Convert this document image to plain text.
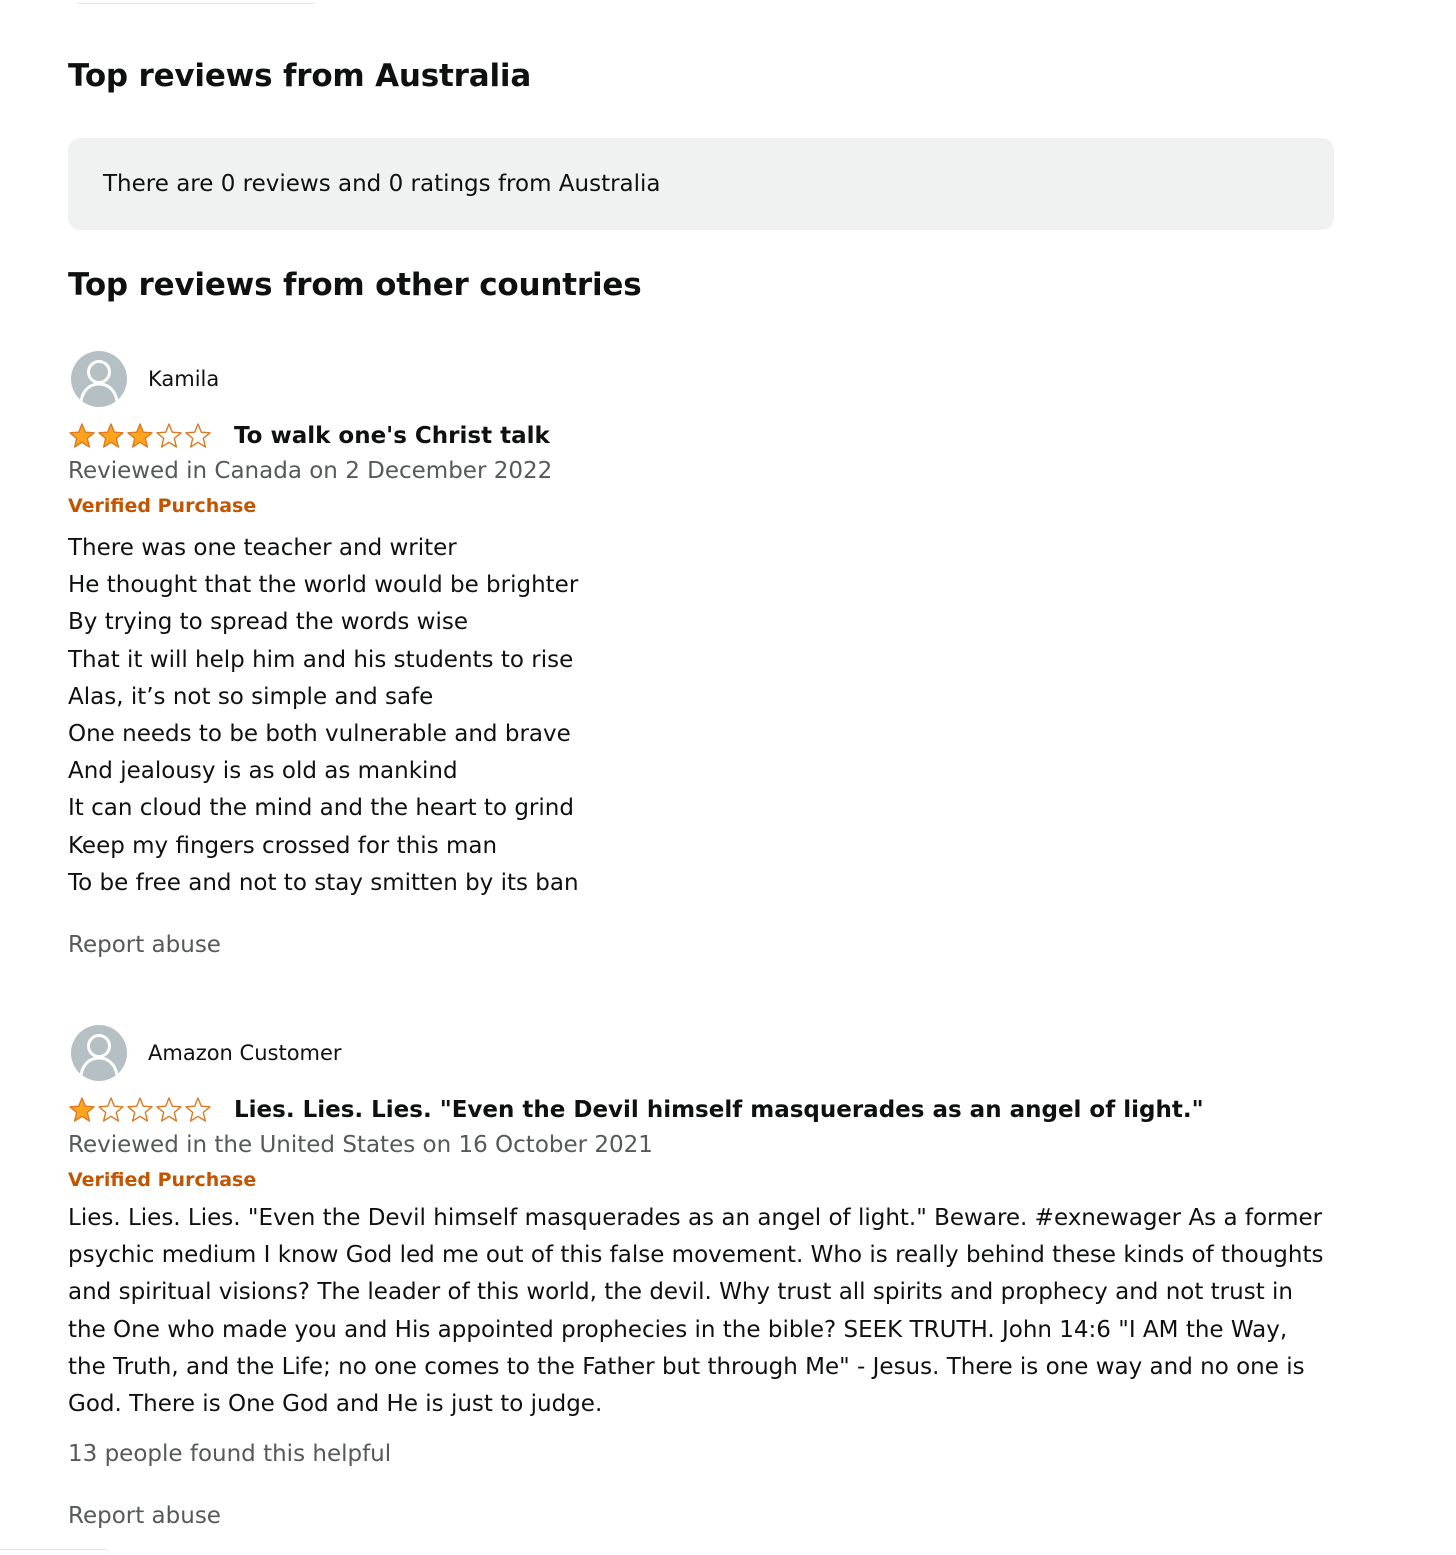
Top reviews from Australia
There are 0 reviews and 0 ratings from Australia
Top reviews from other countries
Kamila
To walk one's Christ talk
Reviewed in Canada on 2 December 2022
Verified Purchase
There was one teacher and writer
He thought that the world would be brighter
By trying to spread the words wise
That it will help him and his students to rise
Alas, it’s not so simple and safe
One needs to be both vulnerable and brave
And jealousy is as old as mankind
It can cloud the mind and the heart to grind
Keep my fingers crossed for this man
To be free and not to stay smitten by its ban
Report abuse
Amazon Customer
Lies. Lies. Lies. "Even the Devil himself masquerades as an angel of light."
Reviewed in the United States on 16 October 2021
Verified Purchase
Lies. Lies. Lies. "Even the Devil himself masquerades as an angel of light." Beware. #exnewager As a former psychic medium I know God led me out of this false movement. Who is really behind these kinds of thoughts and spiritual visions? The leader of this world, the devil. Why trust all spirits and prophecy and not trust in the One who made you and His appointed prophecies in the bible? SEEK TRUTH. John 14:6 "I AM the Way, the Truth, and the Life; no one comes to the Father but through Me" - Jesus. There is one way and no one is God. There is One God and He is just to judge.
13 people found this helpful
Report abuse
